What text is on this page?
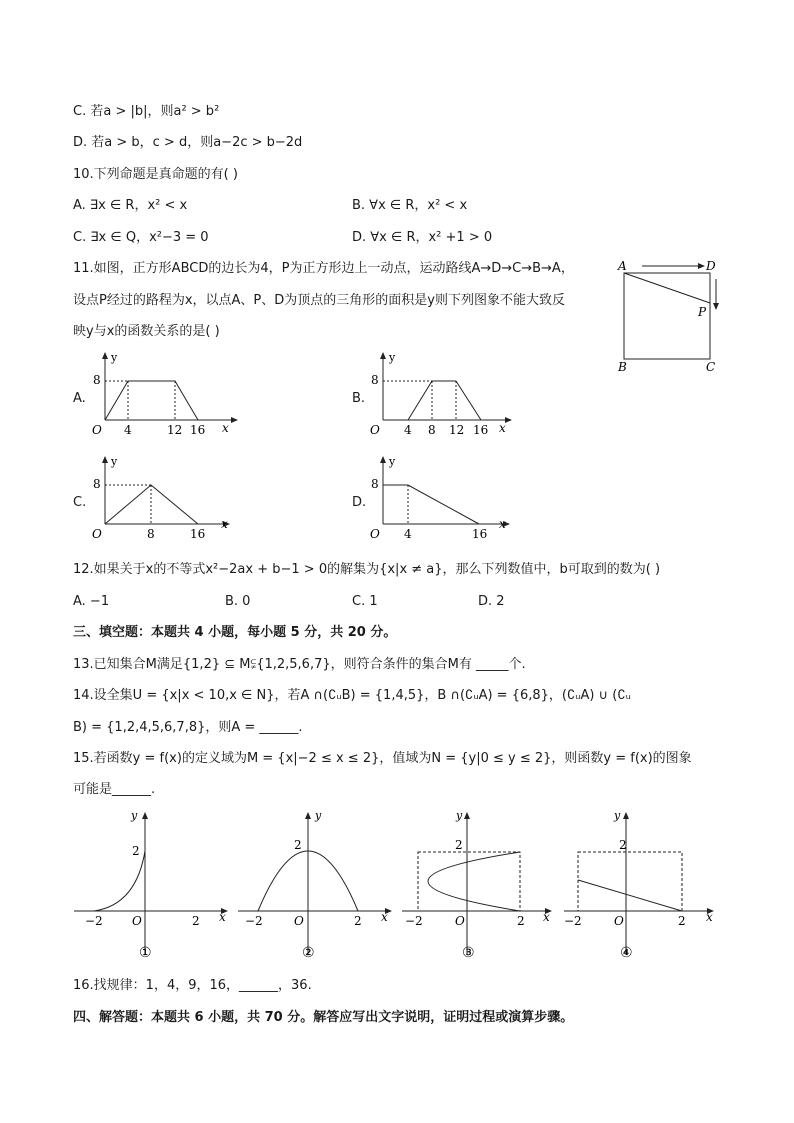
C. 若a > |b|，则a² > b²
D. 若a > b，c > d，则a−2c > b−2d
10.下列命题是真命题的有( )
A. ∃x ∈ R，x² < x	B. ∀x ∈ R，x² < x
C. ∃x ∈ Q，x²−3 = 0	D. ∀x ∈ R，x² +1 > 0
11.如图，正方形ABCD的边长为4，P为正方形边上一动点，运动路线A→D→C→B→A，
设点P经过的路程为x，以点A、P、D为顶点的三角形的面积是y则下列图象不能大致反
映y与x的函数关系的是( )
A	D
P
B	C
A.
y
8
O 4	12 16 x
B.
y
8
O 4 8 12 16 x
C.
y
8
O	8	16
x
D.
y
8
O 4	16
x
12.如果关于x的不等式x²−2ax + b−1 > 0的解集为{x|x ≠ a}，那么下列数值中，b可取到的数为( )
A. −1	B. 0	C. 1	D. 2
三、填空题：本题共 4 小题，每小题 5 分，共 20 分。
13.已知集合M满足{1,2} ⊆ M⫋{1,2,5,6,7}，则符合条件的集合M有 _____个.
14.设全集U = {x|x < 10,x ∈ N}，若A ∩(∁ᵤB) = {1,4,5}，B ∩(∁ᵤA) = {6,8}，(∁ᵤA) ∪ (∁ᵤ
B) = {1,2,4,5,6,7,8}，则A = ______.
15.若函数y = f(x)的定义域为M = {x|−2 ≤ x ≤ 2}，值域为N = {y|0 ≤ y ≤ 2}，则函数y = f(x)的图象
可能是______.
y
2
−2 O	2 x
①
y
2
−2	O	2 x
②
y
2
−2	O	2 x
③
y
2
−2	O	2 x
④
16.找规律：1，4，9，16，______，36.
四、解答题：本题共 6 小题，共 70 分。解答应写出文字说明，证明过程或演算步骤。
